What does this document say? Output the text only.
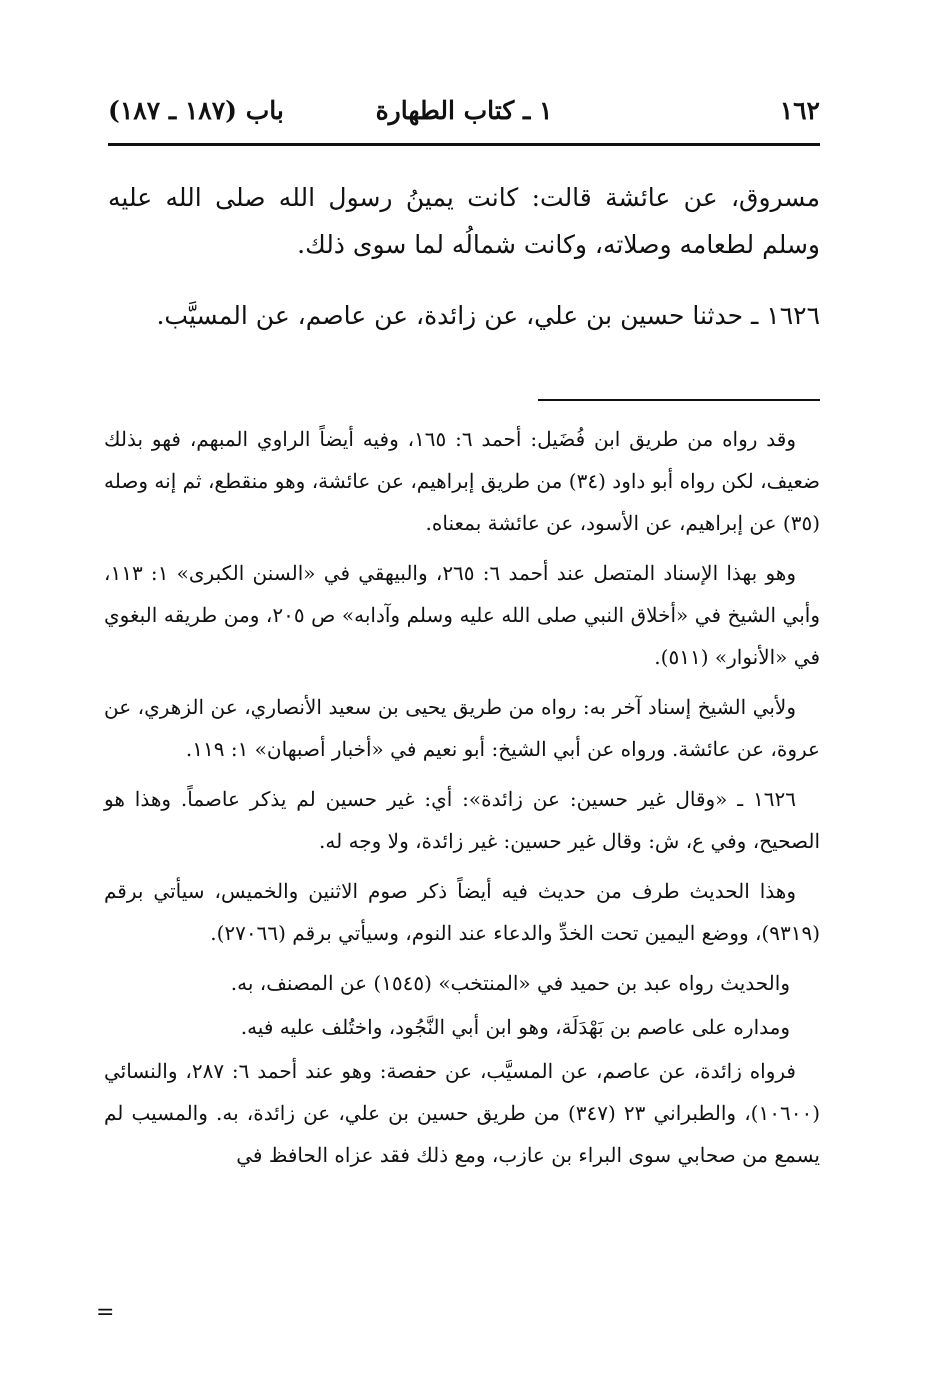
١٦٢
١ ـ كتاب الطهارة
باب (١٨٧ ـ ١٨٧)

مسروق، عن عائشة قالت: كانت يمينُ رسول الله صلى الله عليه وسلم لطعامه وصلاته، وكانت شمالُه لما سوى ذلك.

١٦٢٦ ـ حدثنا حسين بن علي، عن زائدة، عن عاصم، عن المسيَّب.

وقد رواه من طريق ابن فُضَيل: أحمد ٦: ١٦٥، وفيه أيضاً الراوي المبهم، فهو بذلك ضعيف، لكن رواه أبو داود (٣٤) من طريق إبراهيم، عن عائشة، وهو منقطع، ثم إنه وصله (٣٥) عن إبراهيم، عن الأسود، عن عائشة بمعناه.

وهو بهذا الإسناد المتصل عند أحمد ٦: ٢٦٥، والبيهقي في «السنن الكبرى» ١: ١١٣، وأبي الشيخ في «أخلاق النبي صلى الله عليه وسلم وآدابه» ص ٢٠٥، ومن طريقه البغوي في «الأنوار» (٥١١).

ولأبي الشيخ إسناد آخر به: رواه من طريق يحيى بن سعيد الأنصاري، عن الزهري، عن عروة، عن عائشة. ورواه عن أبي الشيخ: أبو نعيم في «أخبار أصبهان» ١: ١١٩.

١٦٢٦ ـ «وقال غير حسين: عن زائدة»: أي: غير حسين لم يذكر عاصماً. وهذا هو الصحيح، وفي ع، ش: وقال غير حسين: غير زائدة، ولا وجه له.

وهذا الحديث طرف من حديث فيه أيضاً ذكر صوم الاثنين والخميس، سيأتي برقم (٩٣١٩)، ووضع اليمين تحت الخدِّ والدعاء عند النوم، وسيأتي برقم (٢٧٠٦٦).

والحديث رواه عبد بن حميد في «المنتخب» (١٥٤٥) عن المصنف، به.

ومداره على عاصم بن بَهْدَلَة، وهو ابن أبي النَّجُود، واختُلف عليه فيه.

فرواه زائدة، عن عاصم، عن المسيَّب، عن حفصة: وهو عند أحمد ٦: ٢٨٧، والنسائي (١٠٦٠٠)، والطبراني ٢٣ (٣٤٧) من طريق حسين بن علي، عن زائدة، به. والمسيب لم يسمع من صحابي سوى البراء بن عازب، ومع ذلك فقد عزاه الحافظ في

=
